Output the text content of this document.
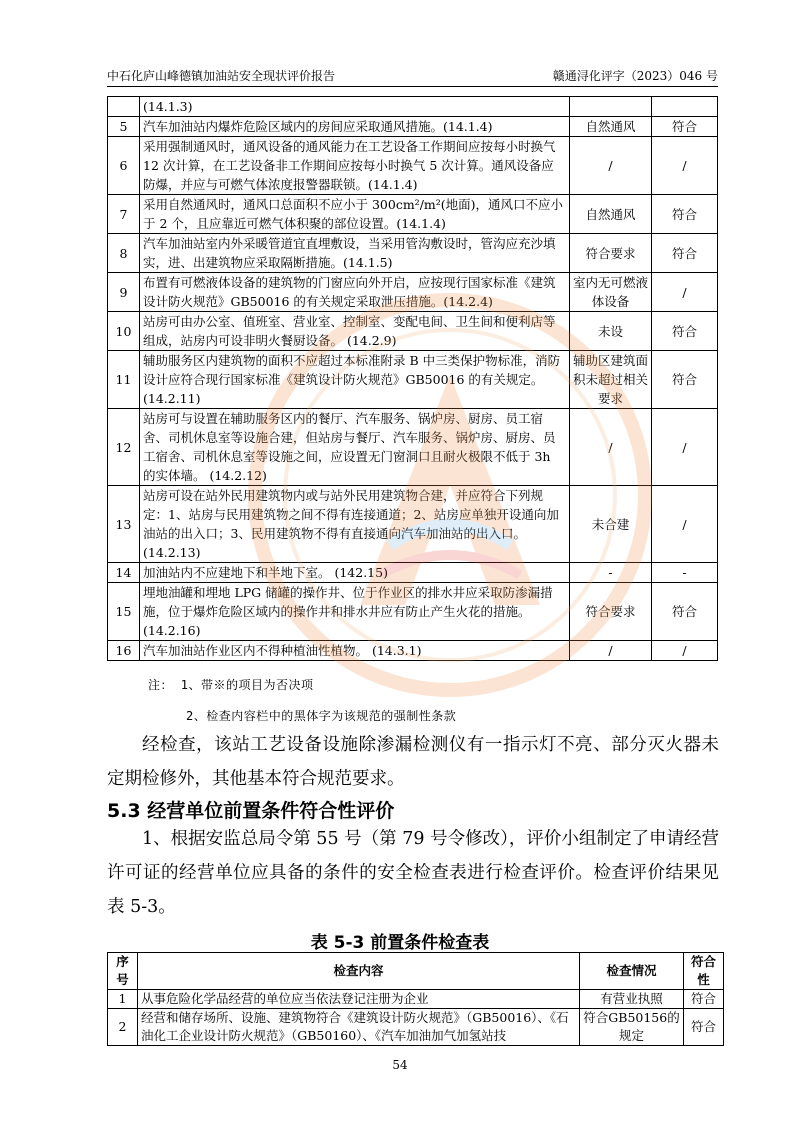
中石化庐山峰德镇加油站安全现状评价报告	赣通浔化评字（2023）046 号
	(14.1.3)		
5	汽车加油站内爆炸危险区域内的房间应采取通风措施。(14.1.4)	自然通风	符合
6	采用强制通风时，通风设备的通风能力在工艺设备工作期间应按每小时换气 12 次计算，在工艺设备非工作期间应按每小时换气 5 次计算。通风设备应防爆，并应与可燃气体浓度报警器联锁。(14.1.4)	/	/
7	采用自然通风时，通风口总面积不应小于 300cm²/m²(地面)，通风口不应小于 2 个，且应靠近可燃气体积聚的部位设置。(14.1.4)	自然通风	符合
8	汽车加油站室内外采暖管道宜直埋敷设，当采用管沟敷设时，管沟应充沙填实，进、出建筑物应采取隔断措施。(14.1.5)	符合要求	符合
9	布置有可燃液体设备的建筑物的门窗应向外开启，应按现行国家标准《建筑设计防火规范》GB50016 的有关规定采取泄压措施。(14.2.4)	室内无可燃液体设备	/
10	站房可由办公室、值班室、营业室、控制室、变配电间、卫生间和便利店等组成，站房内可设非明火餐厨设备。 (14.2.9)	未设	符合
11	辅助服务区内建筑物的面积不应超过本标准附录 B 中三类保护物标准，消防设计应符合现行国家标准《建筑设计防火规范》GB50016 的有关规定。 (14.2.11)	辅助区建筑面积未超过相关要求	符合
12	站房可与设置在辅助服务区内的餐厅、汽车服务、锅炉房、厨房、员工宿舍、司机休息室等设施合建，但站房与餐厅、汽车服务、锅炉房、厨房、员工宿舍、司机休息室等设施之间，应设置无门窗洞口且耐火极限不低于 3h 的实体墙。 (14.2.12)	/	/
13	站房可设在站外民用建筑物内或与站外民用建筑物合建，并应符合下列规定：1、站房与民用建筑物之间不得有连接通道；2、站房应单独开设通向加油站的出入口；3、民用建筑物不得有直接通向汽车加油站的出入口。 (14.2.13)	未合建	/
14	加油站内不应建地下和半地下室。 (142.15)	-	-
15	埋地油罐和埋地 LPG 储罐的操作井、位于作业区的排水井应采取防渗漏措施，位于爆炸危险区域内的操作井和排水井应有防止产生火花的措施。 (14.2.16)	符合要求	符合
16	汽车加油站作业区内不得种植油性植物。 (14.3.1)	/	/
注： 1、带※的项目为否决项
2、检查内容栏中的黑体字为该规范的强制性条款
经检查，该站工艺设备设施除渗漏检测仪有一指示灯不亮、部分灭火器未定期检修外，其他基本符合规范要求。
5.3 经营单位前置条件符合性评价
1、根据安监总局令第 55 号（第 79 号令修改），评价小组制定了申请经营许可证的经营单位应具备的条件的安全检查表进行检查评价。检查评价结果见表 5-3。
表 5-3 前置条件检查表
序号	检查内容	检查情况	符合性
1	从事危险化学品经营的单位应当依法登记注册为企业	有营业执照	符合
2	经营和储存场所、设施、建筑物符合《建筑设计防火规范》（GB50016）、《石油化工企业设计防火规范》（GB50160）、《汽车加油加气加氢站技	符合GB50156的规定	符合
54
